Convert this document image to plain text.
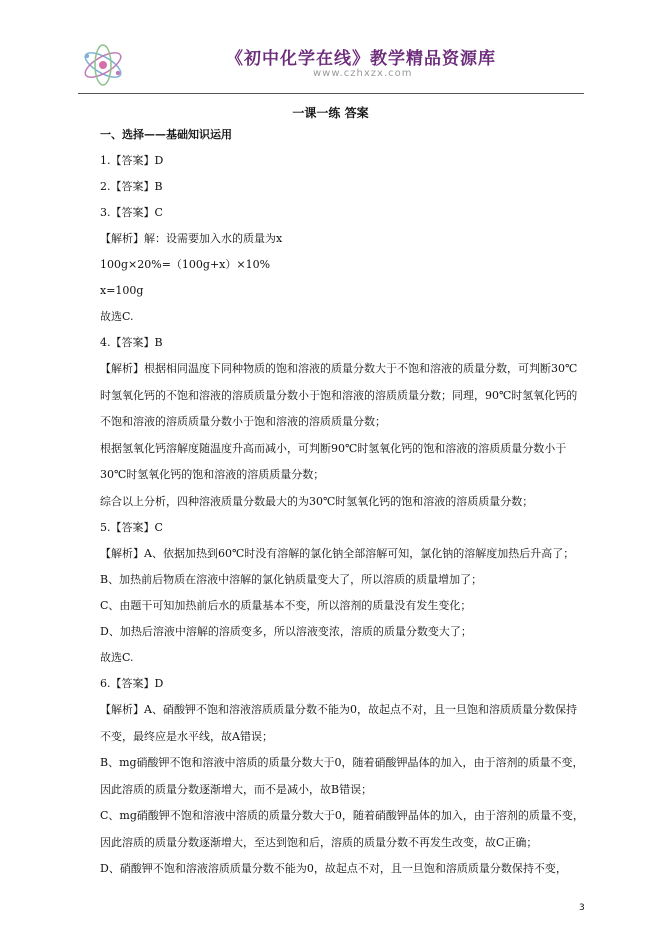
《初中化学在线》教学精品资源库
www.czhxzx.com
一课一练 答案

一、选择——基础知识运用

1.【答案】D

2.【答案】B

3.【答案】C

【解析】解：设需要加入水的质量为x

100g×20%=（100g+x）×10%

x=100g

故选C.

4.【答案】B

【解析】根据相同温度下同种物质的饱和溶液的质量分数大于不饱和溶液的质量分数，可判断30℃时氢氧化钙的不饱和溶液的溶质质量分数小于饱和溶液的溶质质量分数；同理，90℃时氢氧化钙的不饱和溶液的溶质质量分数小于饱和溶液的溶质质量分数；

根据氢氧化钙溶解度随温度升高而减小，可判断90℃时氢氧化钙的饱和溶液的溶质质量分数小于30℃时氢氧化钙的饱和溶液的溶质质量分数；

综合以上分析，四种溶液质量分数最大的为30℃时氢氧化钙的饱和溶液的溶质质量分数；

5.【答案】C

【解析】A、依据加热到60℃时没有溶解的氯化钠全部溶解可知，氯化钠的溶解度加热后升高了；

B、加热前后物质在溶液中溶解的氯化钠质量变大了，所以溶质的质量增加了；

C、由题干可知加热前后水的质量基本不变，所以溶剂的质量没有发生变化；

D、加热后溶液中溶解的溶质变多，所以溶液变浓，溶质的质量分数变大了；

故选C.

6.【答案】D

【解析】A、硝酸钾不饱和溶液溶质质量分数不能为0，故起点不对，且一旦饱和溶质质量分数保持不变，最终应是水平线，故A错误；

B、mg硝酸钾不饱和溶液中溶质的质量分数大于0，随着硝酸钾晶体的加入，由于溶剂的质量不变，因此溶质的质量分数逐渐增大，而不是减小，故B错误；

C、mg硝酸钾不饱和溶液中溶质的质量分数大于0，随着硝酸钾晶体的加入，由于溶剂的质量不变，因此溶质的质量分数逐渐增大，至达到饱和后，溶质的质量分数不再发生改变，故C正确；

D、硝酸钾不饱和溶液溶质质量分数不能为0，故起点不对，且一旦饱和溶质质量分数保持不变，

3
